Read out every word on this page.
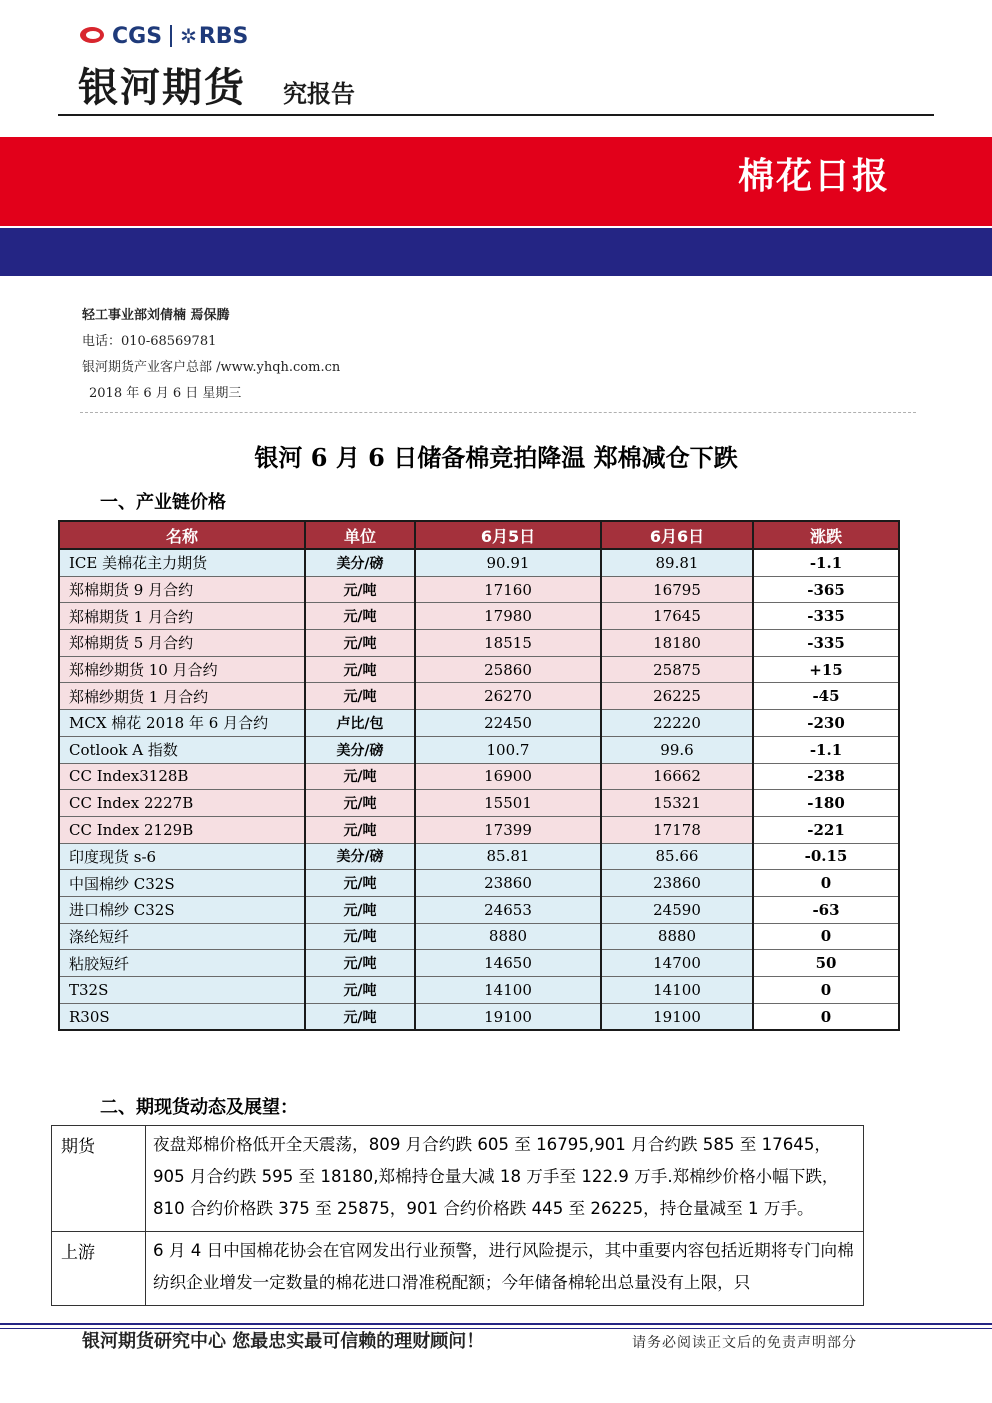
CGS ✲ RBS
银河期货 究报告
棉花日报
轻工事业部刘倩楠 焉保腾
电话：010-68569781
银河期货产业客户总部 /www.yhqh.com.cn
2018 年 6 月 6 日 星期三
银河 6 月 6 日储备棉竞拍降温 郑棉减仓下跌
一、产业链价格
名称	单位	6月5日	6月6日	涨跌
ICE 美棉花主力期货	美分/磅	90.91	89.81	-1.1
郑棉期货 9 月合约	元/吨	17160	16795	-365
郑棉期货 1 月合约	元/吨	17980	17645	-335
郑棉期货 5 月合约	元/吨	18515	18180	-335
郑棉纱期货 10 月合约	元/吨	25860	25875	+15
郑棉纱期货 1 月合约	元/吨	26270	26225	-45
MCX 棉花 2018 年 6 月合约	卢比/包	22450	22220	-230
Cotlook A 指数	美分/磅	100.7	99.6	-1.1
CC Index3128B	元/吨	16900	16662	-238
CC Index 2227B	元/吨	15501	15321	-180
CC Index 2129B	元/吨	17399	17178	-221
印度现货 s-6	美分/磅	85.81	85.66	-0.15
中国棉纱 C32S	元/吨	23860	23860	0
进口棉纱 C32S	元/吨	24653	24590	-63
涤纶短纤	元/吨	8880	8880	0
粘胶短纤	元/吨	14650	14700	50
T32S	元/吨	14100	14100	0
R30S	元/吨	19100	19100	0
二、期现货动态及展望：
期货	夜盘郑棉价格低开全天震荡，809 月合约跌 605 至 16795,901 月合约跌 585 至 17645，905 月合约跌 595 至 18180,郑棉持仓量大减 18 万手至 122.9 万手.郑棉纱价格小幅下跌，810 合约价格跌 375 至 25875，901 合约价格跌 445 至 26225，持仓量减至 1 万手。
上游	6 月 4 日中国棉花协会在官网发出行业预警，进行风险提示，其中重要内容包括近期将专门向棉纺织企业增发一定数量的棉花进口滑准税配额；今年储备棉轮出总量没有上限，只
银河期货研究中心 您最忠实最可信赖的理财顾问！	请务必阅读正文后的免责声明部分
